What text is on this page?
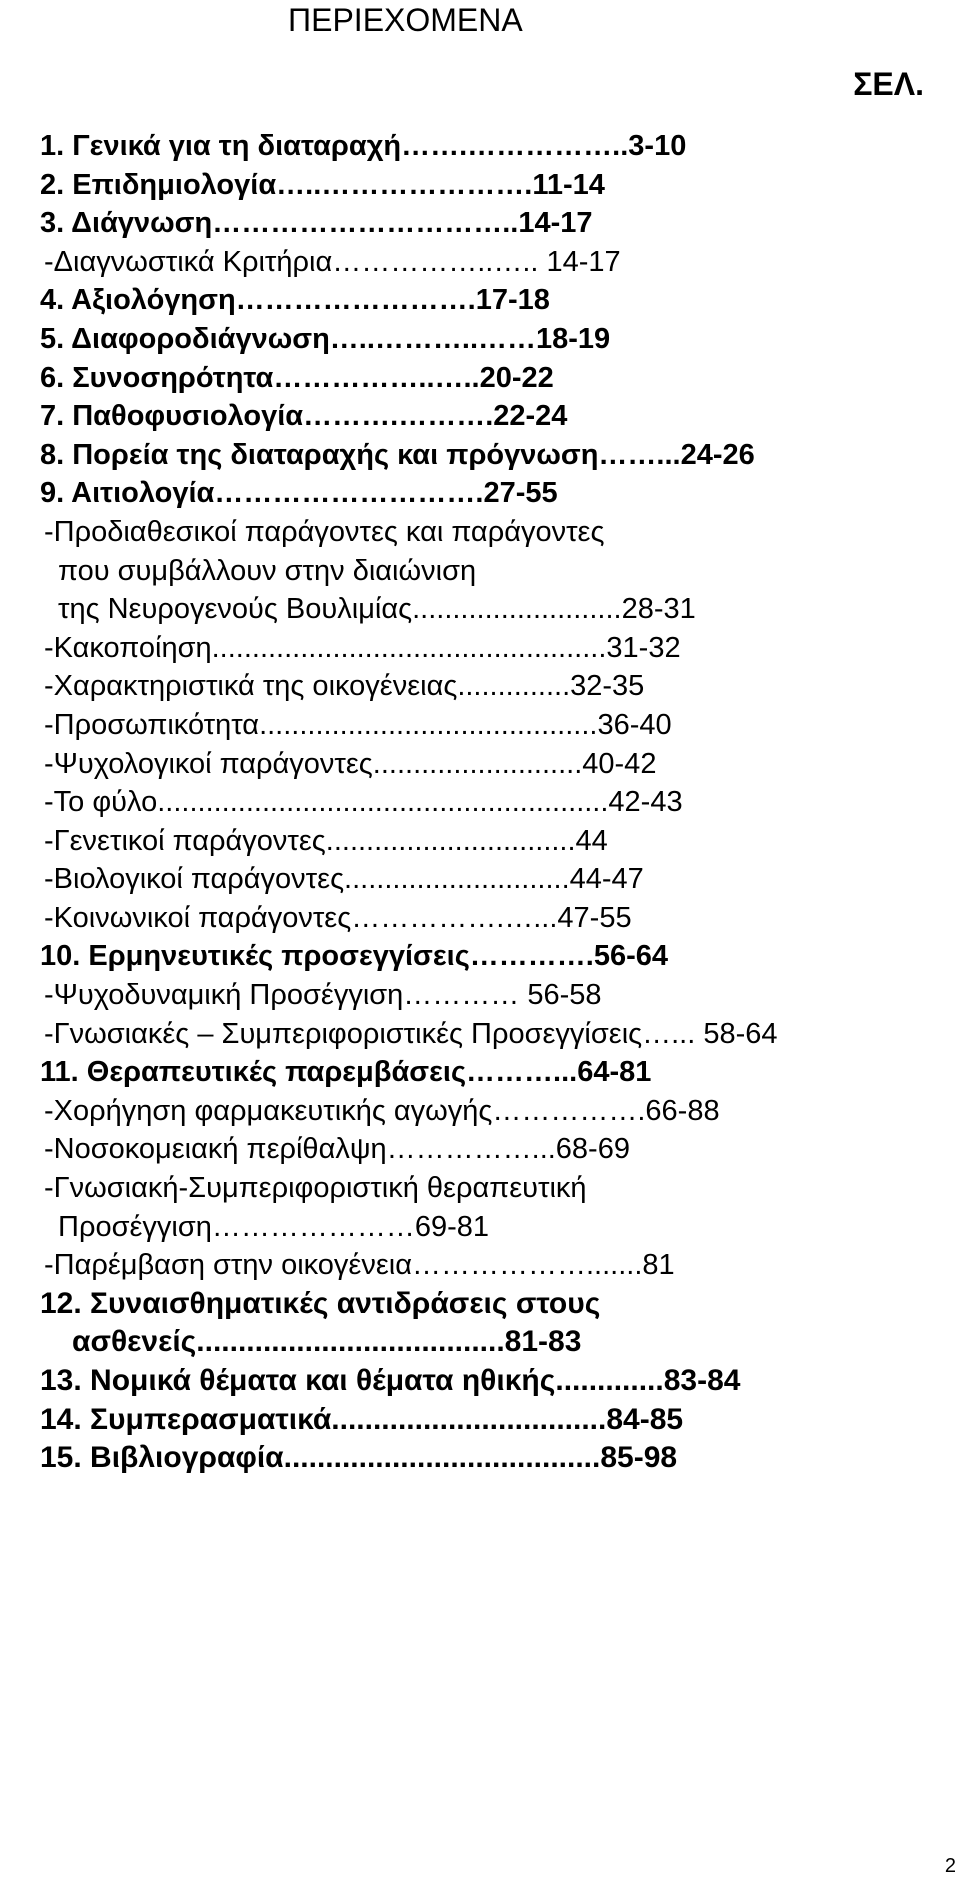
ΠΕΡΙΕΧΟΜΕΝΑ
ΣΕΛ.
1. Γενικά για τη διαταραχή…….……………..3-10
2. Επιδημιολογία…..………………….11-14
3. Διάγνωση…………………………..14-17
-Διαγνωστικά Κριτήρια……………..….. 14-17
4. Αξιολόγηση…………………….17-18
5. Διαφοροδιάγνωση…..………..……18-19
6. Συνοσηρότητα……………..…..20-22
7. Παθοφυσιολογία……….……….22-24
8. Πορεία της διαταραχής και πρόγνωση……...24-26
9. Αιτιολογία……………………….27-55
-Προδιαθεσικοί παράγοντες και παράγοντες
που συμβάλλουν στην διαιώνιση
της Νευρογενούς Βουλιμίας..........................28-31
-Κακοποίηση.................................................31-32
-Χαρακτηριστικά της οικογένειας..............32-35
-Προσωπικότητα..........................................36-40
-Ψυχολογικοί παράγοντες..........................40-42
-Το φύλο........................................................42-43
-Γενετικοί παράγοντες...............................44
-Βιολογικοί παράγοντες............................44-47
-Κοινωνικοί παράγοντες…………….…...47-55
10. Ερμηνευτικές προσεγγίσεις………….56-64
-Ψυχοδυναμική Προσέγγιση………… 56-58
-Γνωσιακές – Συμπεριφοριστικές Προσεγγίσεις…... 58-64
11. Θεραπευτικές παρεμβάσεις………...64-81
-Χορήγηση φαρμακευτικής αγωγής…………….66-88
-Νοσοκομειακή περίθαλψη……………...68-69
-Γνωσιακή-Συμπεριφοριστική θεραπευτική
Προσέγγιση…………………69-81
-Παρέμβαση στην οικογένεια……………….......81
12. Συναισθηματικές αντιδράσεις στους
ασθενείς.....................................81-83
13. Νομικά θέματα και θέματα ηθικής.............83-84
14. Συμπερασματικά.................................84-85
15. Βιβλιογραφία......................................85-98
2
